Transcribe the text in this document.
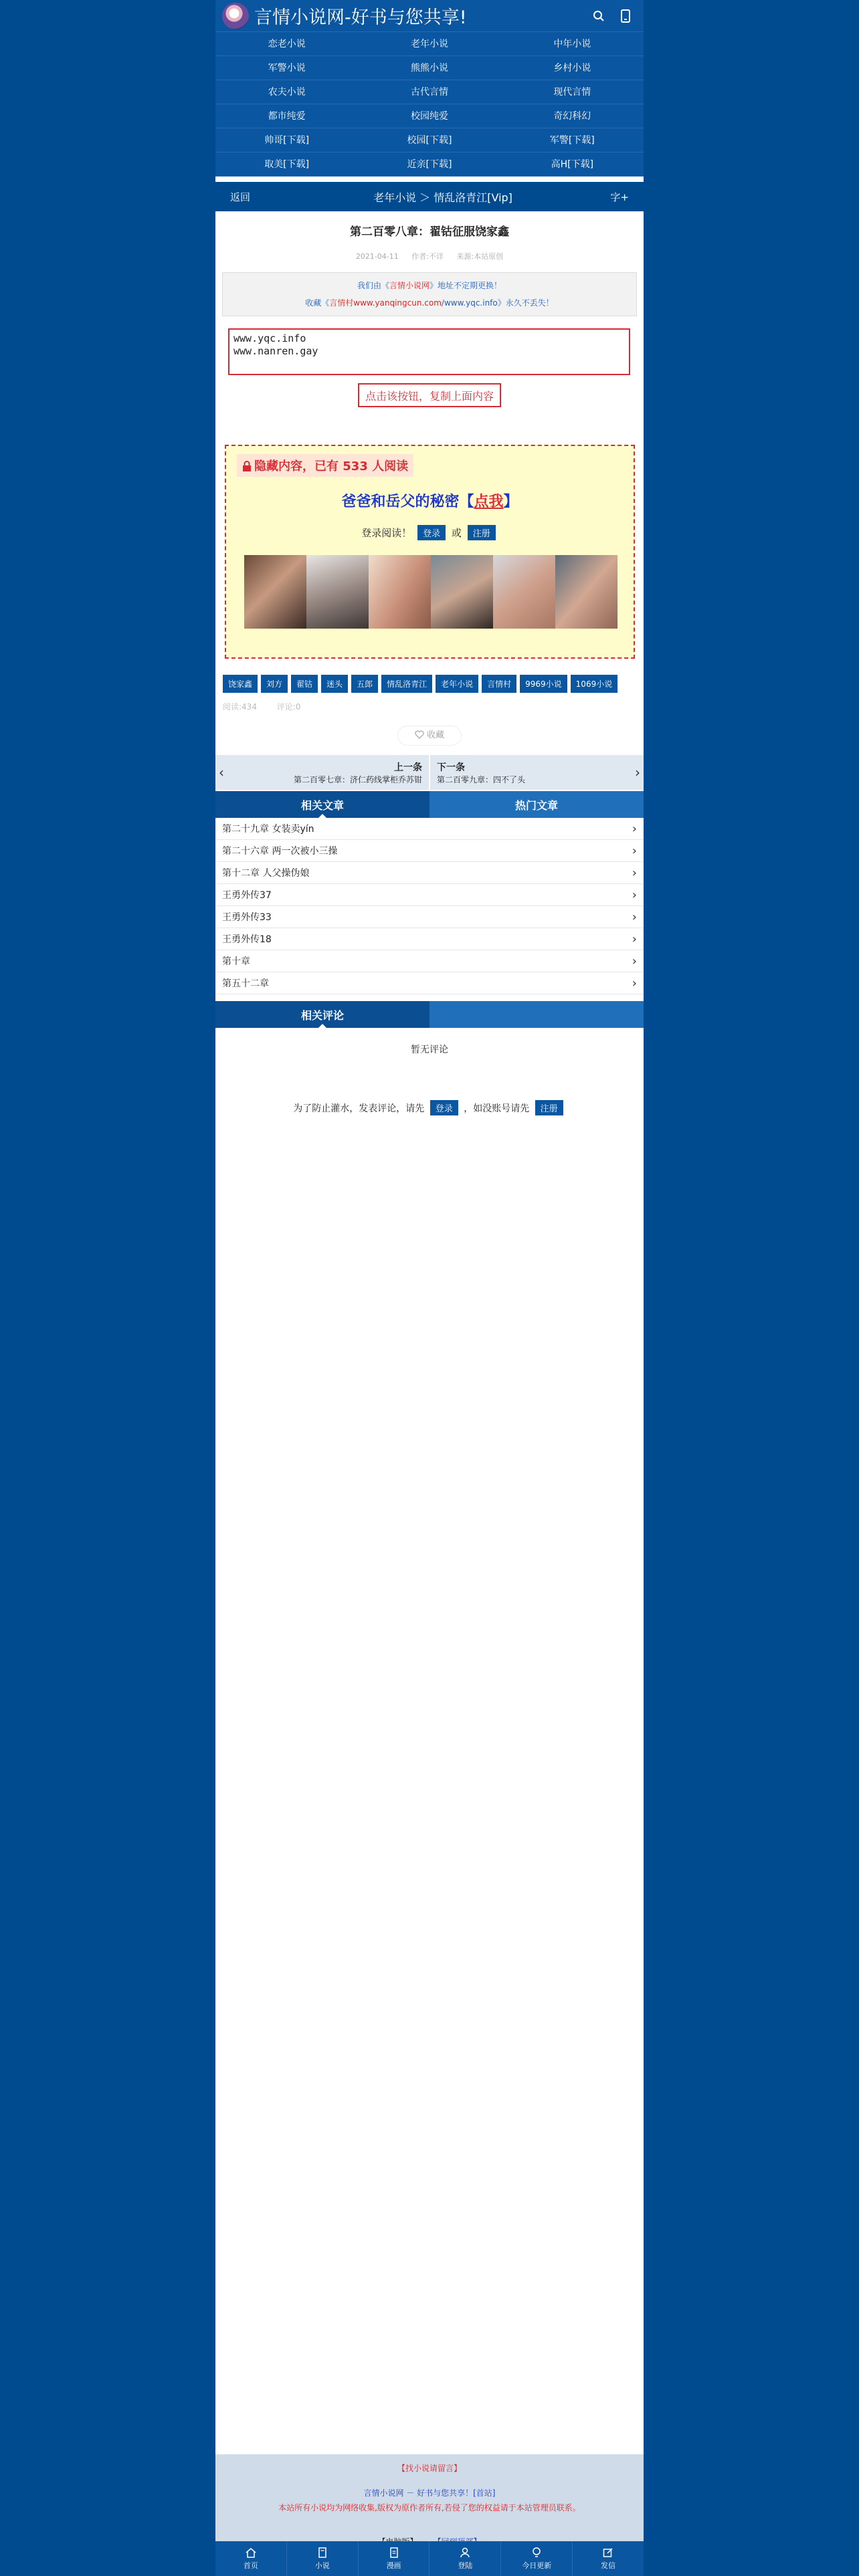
言情小说网-好书与您共享!
恋老小说	老年小说	中年小说
军警小说	熊熊小说	乡村小说
农夫小说	古代言情	现代言情
都市纯爱	校园纯爱	奇幻科幻
帅哥[下载]	校园[下载]	军警[下载]
取美[下载]	近亲[下载]	高H[下载]
返回	老年小说 ＞ 情乱洛青江[Vip]	字+
第二百零八章：翟钴征服饶家鑫
2021-04-11 作者:不详 来源:本站原创
我们由《言情小说网》地址不定期更换！
收藏《言情村www.yanqingcun.com/www.yqc.info》永久不丢失！
www.yqc.info
www.nanren.gay
点击该按钮，复制上面内容
隐藏内容，已有 533 人阅读
爸爸和岳父的秘密【点我】
登录阅读！ 登录 或 注册
饶家鑫	刘方	翟钴	迷头	五郎	情乱洛青江	老年小说	言情村	9969小说	1069小说
阅读:434 评论:0
收藏
‹	上一条
第二百零七章：济仁药线掌柜乔苏钳
下一条
第二百零九章：四不了头	›
相关文章	热门文章
第二十九章 女装卖yín	›
第二十六章 两一次被小三操	›
第十二章 人父操伪娘	›
王勇外传37	›
王勇外传33	›
王勇外传18	›
第十章	›
第五十二章	›
相关评论
暂无评论
为了防止灌水，发表评论，请先 登录 ，如没账号请先 注册
【找小说请留言】
言情小说网 － 好书与您共享！[首站]
本站所有小说均为网络收集,版权为原作者所有,若侵了您的权益请于本站管理员联系。

首页	小说	漫画	登陆	今日更新	发信
